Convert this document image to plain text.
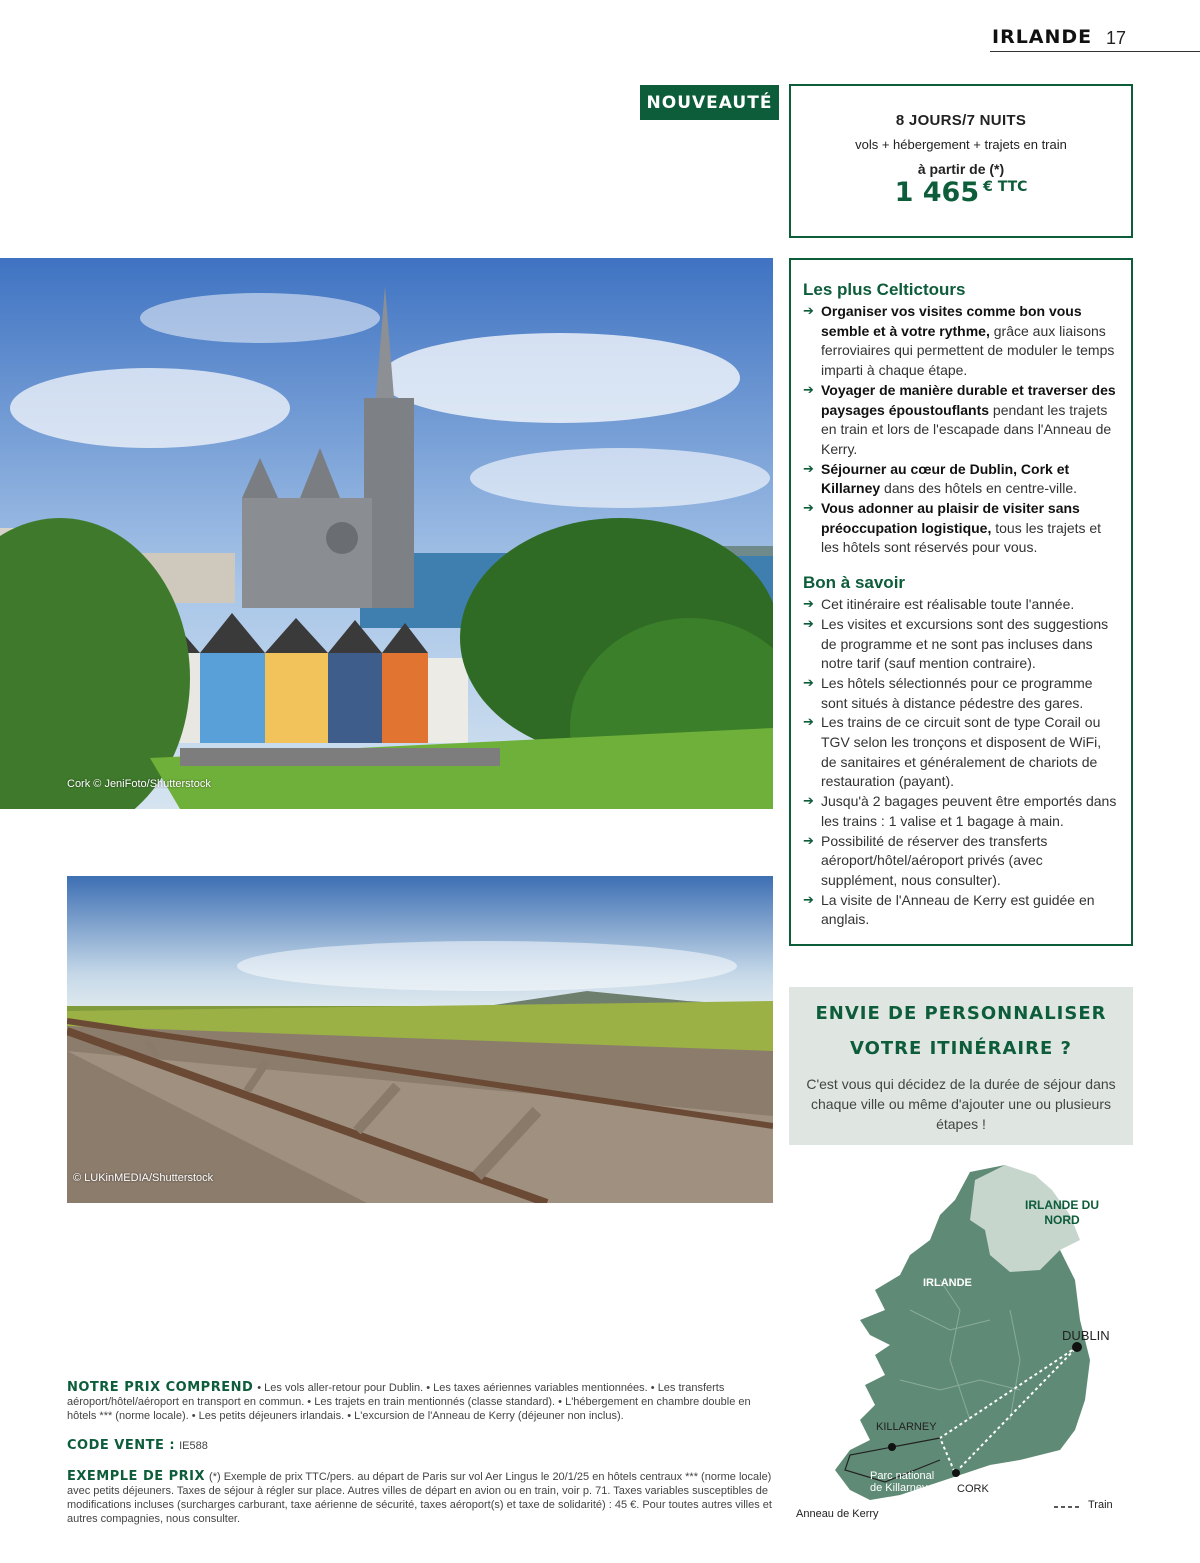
IRLANDE 17
NOUVEAUTÉ
8 JOURS/7 NUITS
vols + hébergement + trajets en train
à partir de (*)
1 465 € TTC
Cork © JeniFoto/Shutterstock
© LUKinMEDIA/Shutterstock
Les plus Celtictours
➔ Organiser vos visites comme bon vous semble et à votre rythme, grâce aux liaisons ferroviaires qui permettent de moduler le temps imparti à chaque étape.
➔ Voyager de manière durable et traverser des paysages époustouflants pendant les trajets en train et lors de l'escapade dans l'Anneau de Kerry.
➔ Séjourner au cœur de Dublin, Cork et Killarney dans des hôtels en centre-ville.
➔ Vous adonner au plaisir de visiter sans préoccupation logistique, tous les trajets et les hôtels sont réservés pour vous.
Bon à savoir
➔ Cet itinéraire est réalisable toute l'année.
➔ Les visites et excursions sont des suggestions de programme et ne sont pas incluses dans notre tarif (sauf mention contraire).
➔ Les hôtels sélectionnés pour ce programme sont situés à distance pédestre des gares.
➔ Les trains de ce circuit sont de type Corail ou TGV selon les tronçons et disposent de WiFi, de sanitaires et généralement de chariots de restauration (payant).
➔ Jusqu'à 2 bagages peuvent être emportés dans les trains : 1 valise et 1 bagage à main.
➔ Possibilité de réserver des transferts aéroport/hôtel/aéroport privés (avec supplément, nous consulter).
➔ La visite de l'Anneau de Kerry est guidée en anglais.
ENVIE DE PERSONNALISER
VOTRE ITINÉRAIRE ?
C'est vous qui décidez de la durée de séjour dans chaque ville ou même d'ajouter une ou plusieurs étapes !
IRLANDE DU NORD
IRLANDE
DUBLIN
KILLARNEY
CORK
Parc national de Killarney
Anneau de Kerry
Train
NOTRE PRIX COMPREND • Les vols aller-retour pour Dublin. • Les taxes aériennes variables mentionnées. • Les transferts aéroport/hôtel/aéroport en transport en commun. • Les trajets en train mentionnés (classe standard). • L'hébergement en chambre double en hôtels *** (norme locale). • Les petits déjeuners irlandais. • L'excursion de l'Anneau de Kerry (déjeuner non inclus).
CODE VENTE : IE588
EXEMPLE DE PRIX (*) Exemple de prix TTC/pers. au départ de Paris sur vol Aer Lingus le 20/1/25 en hôtels centraux *** (norme locale) avec petits déjeuners. Taxes de séjour à régler sur place. Autres villes de départ en avion ou en train, voir p. 71. Taxes variables susceptibles de modifications incluses (surcharges carburant, taxe aérienne de sécurité, taxes aéroport(s) et taxe de solidarité) : 45 €. Pour toutes autres villes et autres compagnies, nous consulter.
